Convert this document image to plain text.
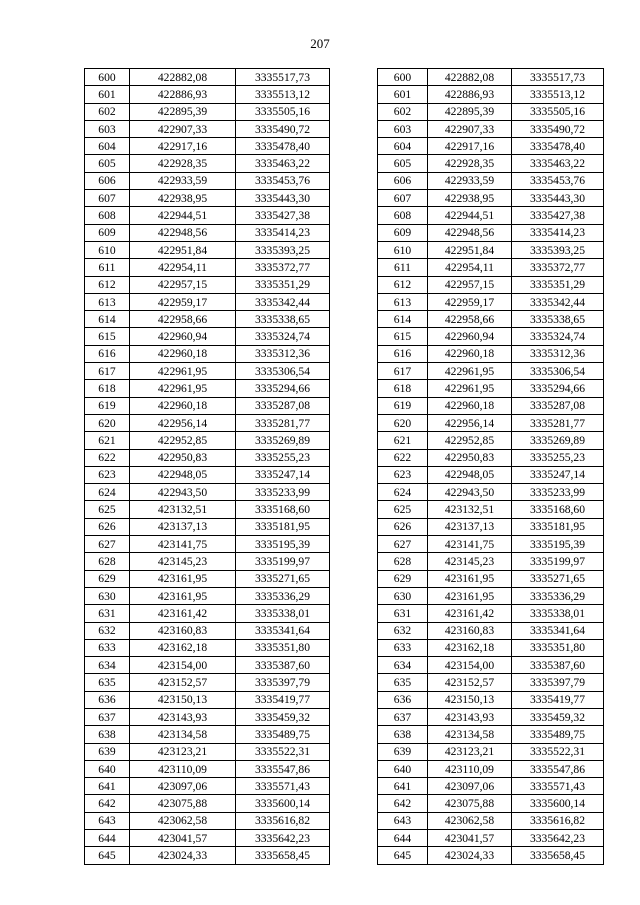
207
600	422882,08	3335517,73
601	422886,93	3335513,12
602	422895,39	3335505,16
603	422907,33	3335490,72
604	422917,16	3335478,40
605	422928,35	3335463,22
606	422933,59	3335453,76
607	422938,95	3335443,30
608	422944,51	3335427,38
609	422948,56	3335414,23
610	422951,84	3335393,25
611	422954,11	3335372,77
612	422957,15	3335351,29
613	422959,17	3335342,44
614	422958,66	3335338,65
615	422960,94	3335324,74
616	422960,18	3335312,36
617	422961,95	3335306,54
618	422961,95	3335294,66
619	422960,18	3335287,08
620	422956,14	3335281,77
621	422952,85	3335269,89
622	422950,83	3335255,23
623	422948,05	3335247,14
624	422943,50	3335233,99
625	423132,51	3335168,60
626	423137,13	3335181,95
627	423141,75	3335195,39
628	423145,23	3335199,97
629	423161,95	3335271,65
630	423161,95	3335336,29
631	423161,42	3335338,01
632	423160,83	3335341,64
633	423162,18	3335351,80
634	423154,00	3335387,60
635	423152,57	3335397,79
636	423150,13	3335419,77
637	423143,93	3335459,32
638	423134,58	3335489,75
639	423123,21	3335522,31
640	423110,09	3335547,86
641	423097,06	3335571,43
642	423075,88	3335600,14
643	423062,58	3335616,82
644	423041,57	3335642,23
645	423024,33	3335658,45
600	422882,08	3335517,73
601	422886,93	3335513,12
602	422895,39	3335505,16
603	422907,33	3335490,72
604	422917,16	3335478,40
605	422928,35	3335463,22
606	422933,59	3335453,76
607	422938,95	3335443,30
608	422944,51	3335427,38
609	422948,56	3335414,23
610	422951,84	3335393,25
611	422954,11	3335372,77
612	422957,15	3335351,29
613	422959,17	3335342,44
614	422958,66	3335338,65
615	422960,94	3335324,74
616	422960,18	3335312,36
617	422961,95	3335306,54
618	422961,95	3335294,66
619	422960,18	3335287,08
620	422956,14	3335281,77
621	422952,85	3335269,89
622	422950,83	3335255,23
623	422948,05	3335247,14
624	422943,50	3335233,99
625	423132,51	3335168,60
626	423137,13	3335181,95
627	423141,75	3335195,39
628	423145,23	3335199,97
629	423161,95	3335271,65
630	423161,95	3335336,29
631	423161,42	3335338,01
632	423160,83	3335341,64
633	423162,18	3335351,80
634	423154,00	3335387,60
635	423152,57	3335397,79
636	423150,13	3335419,77
637	423143,93	3335459,32
638	423134,58	3335489,75
639	423123,21	3335522,31
640	423110,09	3335547,86
641	423097,06	3335571,43
642	423075,88	3335600,14
643	423062,58	3335616,82
644	423041,57	3335642,23
645	423024,33	3335658,45
